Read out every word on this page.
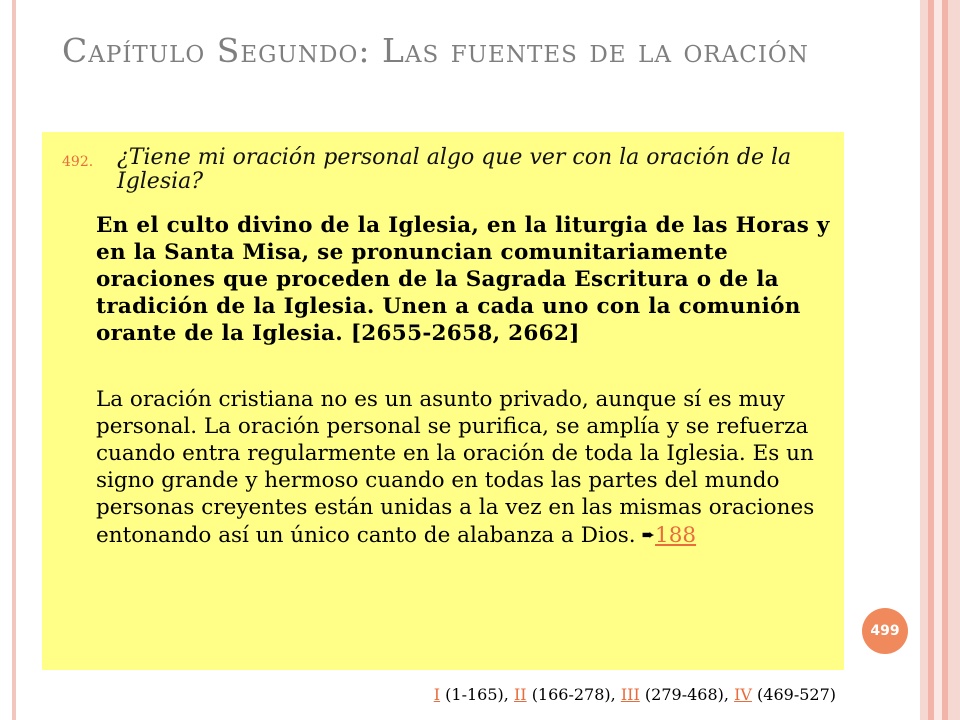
Capítulo Segundo: Las fuentes de la oración
492. ¿Tiene mi oración personal algo que ver con la oración de la Iglesia?

En el culto divino de la Iglesia, en la liturgia de las Horas y en la Santa Misa, se pronuncian comunitariamente oraciones que proceden de la Sagrada Escritura o de la tradición de la Iglesia. Unen a cada uno con la comunión orante de la Iglesia. [2655-2658, 2662]

La oración cristiana no es un asunto privado, aunque sí es muy personal. La oración personal se purifica, se amplía y se refuerza cuando entra regularmente en la oración de toda la Iglesia. Es un signo grande y hermoso cuando en todas las partes del mundo personas creyentes están unidas a la vez en las mismas oraciones entonando así un único canto de alabanza a Dios. ➨188

499
I (1-165), II (166-278), III (279-468), IV (469-527)
